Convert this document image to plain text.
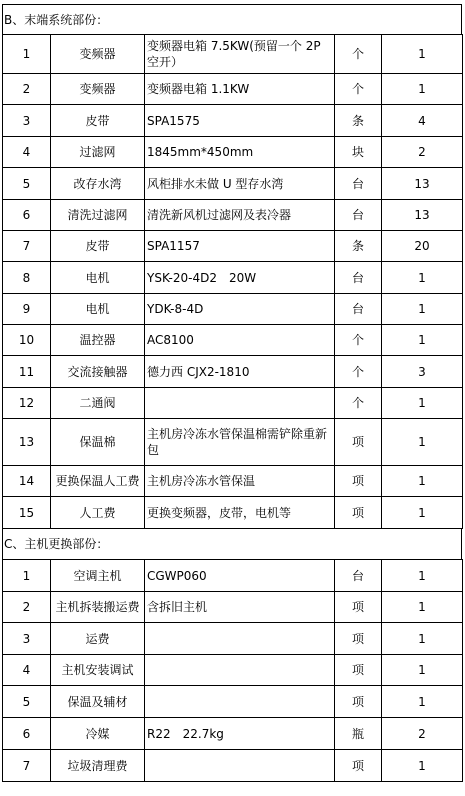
B、末端系统部份：
1	变频器	变频器电箱 7.5KW(预留一个 2P 空开）	个	1
2	变频器	变频器电箱 1.1KW	个	1
3	皮带	SPA1575	条	4
4	过滤网	1845mm*450mm	块	2
5	改存水湾	风柜排水未做 U 型存水湾	台	13
6	清洗过滤网	清洗新风机过滤网及表冷器	台	13
7	皮带	SPA1157	条	20
8	电机	YSK-20-4D2　20W	台	1
9	电机	YDK-8-4D	台	1
10	温控器	AC8100	个	1
11	交流接触器	德力西 CJX2-1810	个	3
12	二通阀		个	1
13	保温棉	主机房冷冻水管保温棉需铲除重新包	项	1
14	更换保温人工费	主机房冷冻水管保温	项	1
15	人工费	更换变频器，皮带，电机等	项	1
C、主机更换部份：
1	空调主机	CGWP060	台	1
2	主机拆装搬运费	含拆旧主机	项	1
3	运费		项	1
4	主机安装调试		项	1
5	保温及辅材		项	1
6	冷媒	R22　22.7kg	瓶	2
7	垃圾清理费		项	1
